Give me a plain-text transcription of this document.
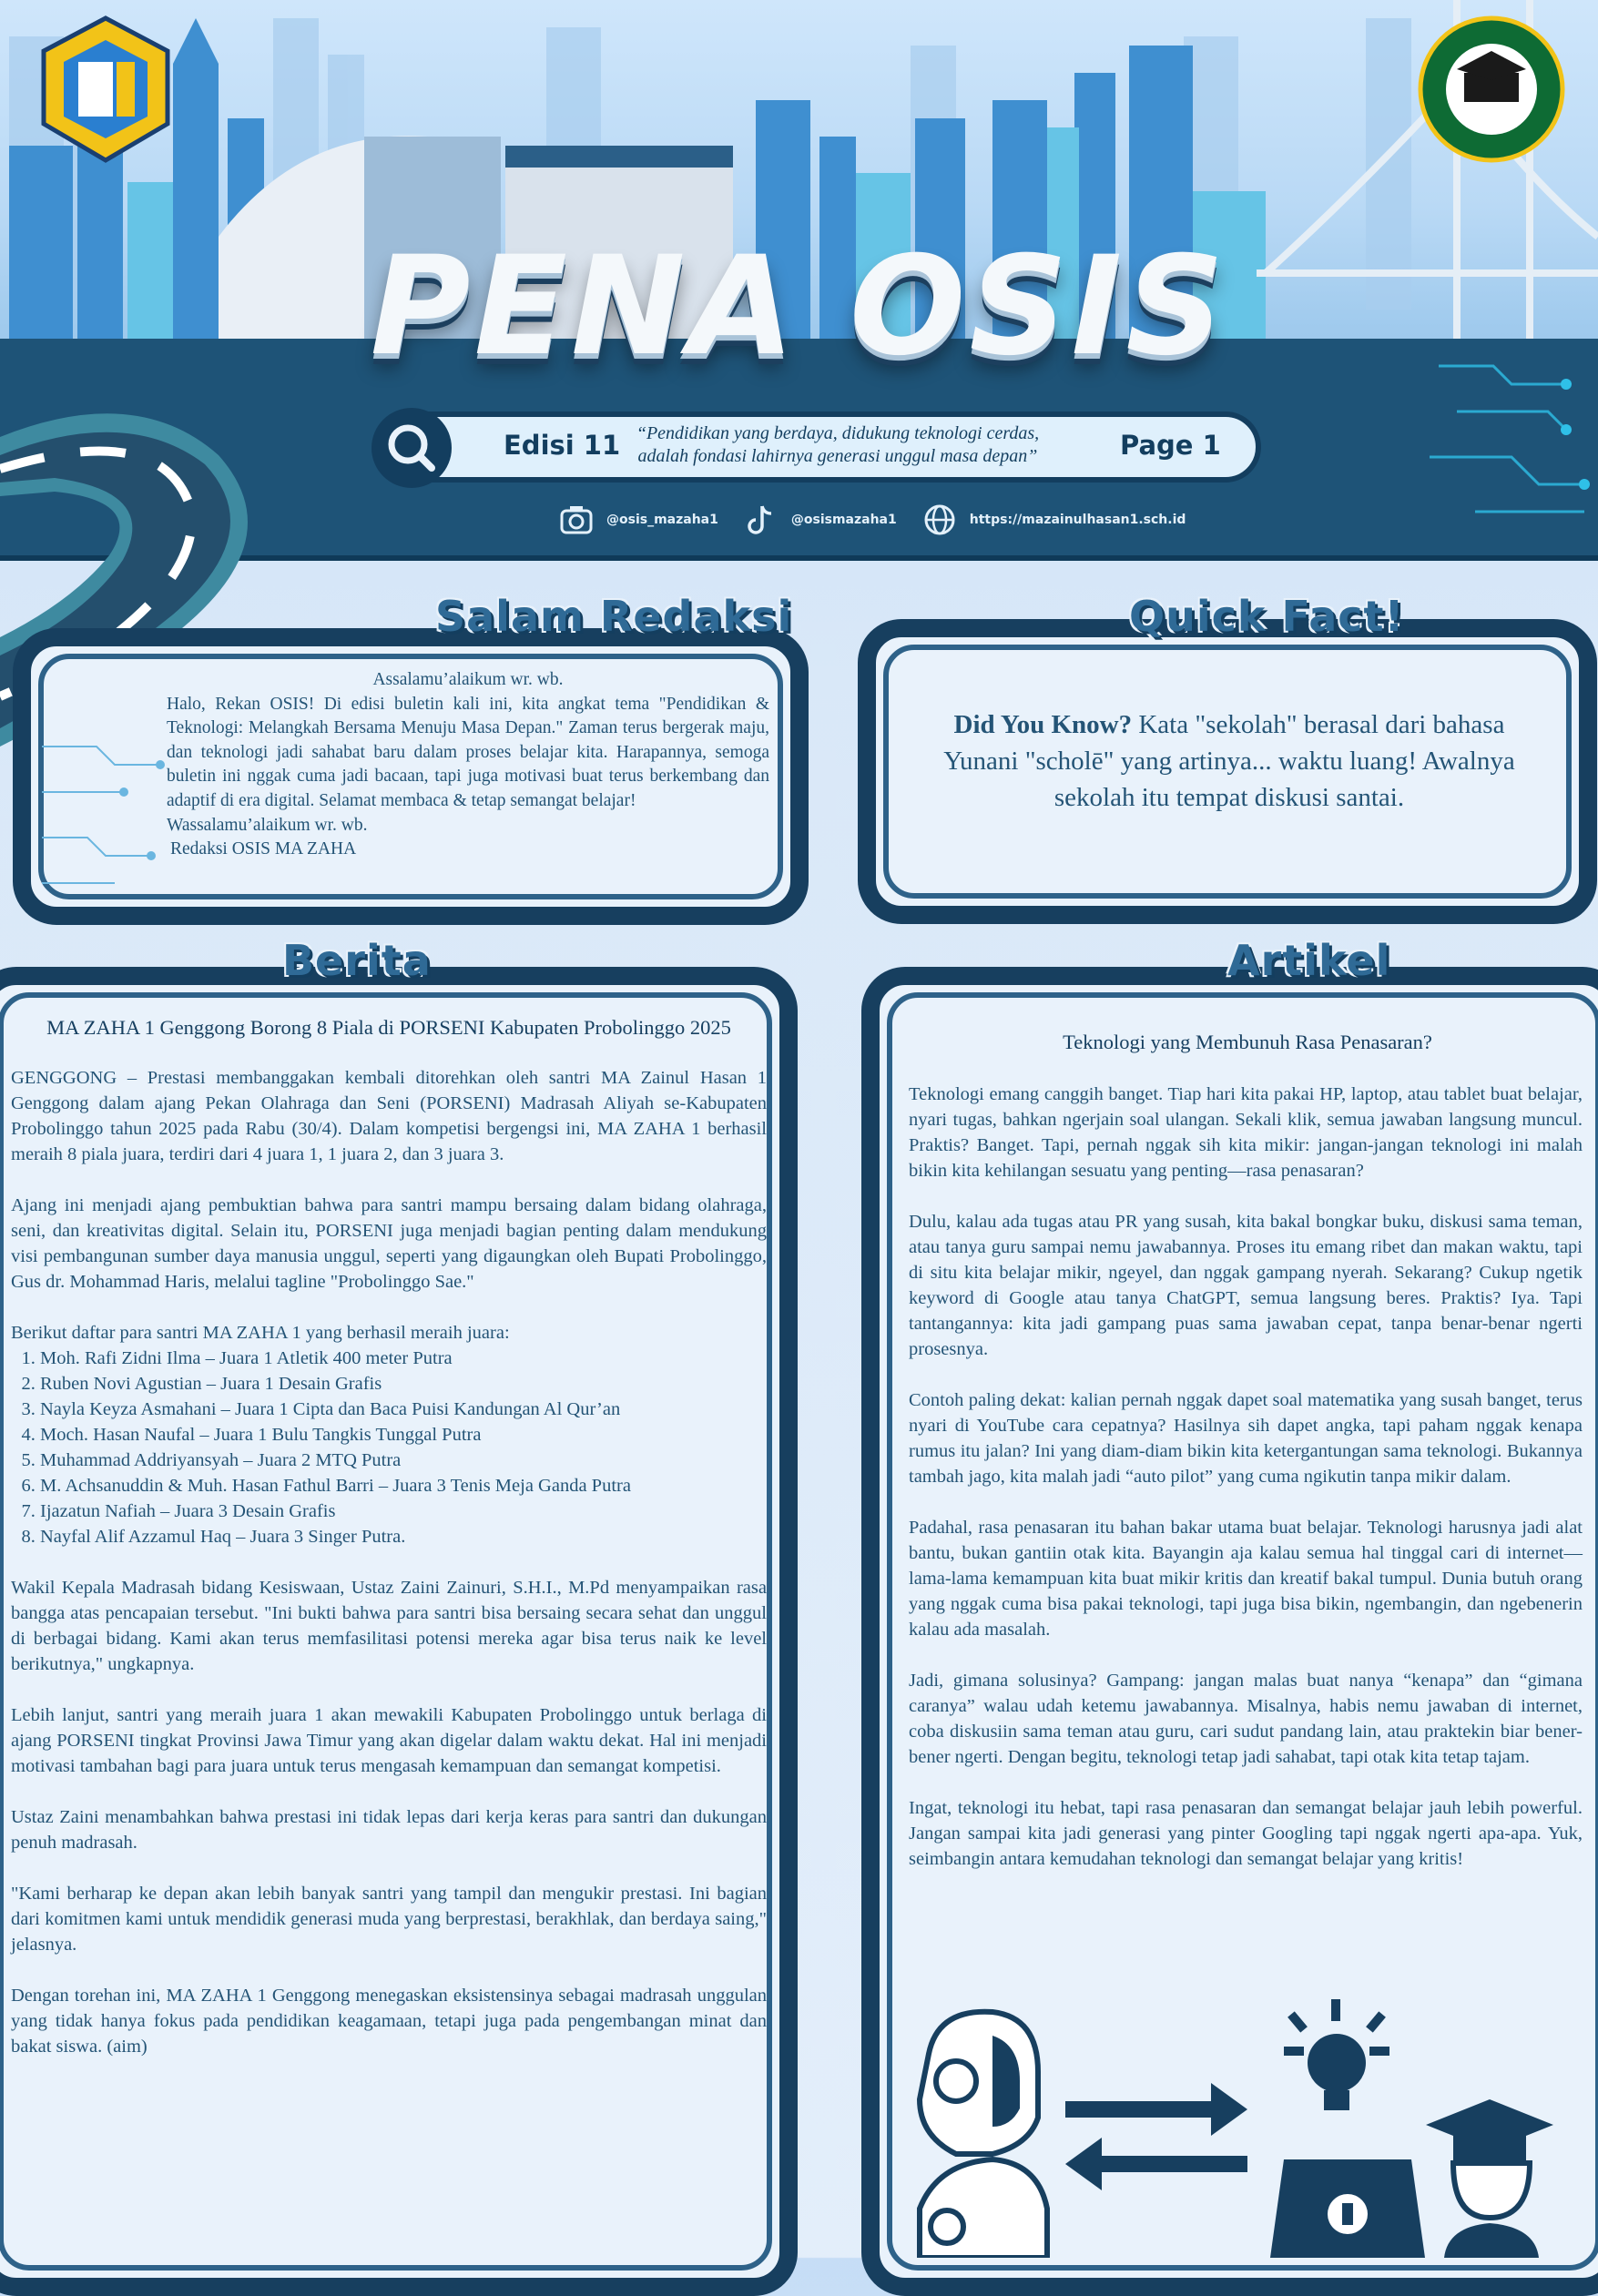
PENA OSIS
Edisi 11 “Pendidikan yang berdaya, didukung teknologi cerdas,
adalah fondasi lahirnya generasi unggul masa depan”	Page 1
@osis_mazaha1	@osismazaha1	https://mazainulhasan1.sch.id
Salam Redaksi
Assalamu’alaikum wr. wb.
Halo, Rekan OSIS! Di edisi buletin kali ini, kita angkat tema "Pendidikan & Teknologi: Melangkah Bersama Menuju Masa Depan." Zaman terus bergerak maju, dan teknologi jadi sahabat baru dalam proses belajar kita. Harapannya, semoga buletin ini nggak cuma jadi bacaan, tapi juga motivasi buat terus berkembang dan adaptif di era digital. Selamat membaca & tetap semangat belajar!
Wassalamu’alaikum wr. wb.
Redaksi OSIS MA ZAHA
Quick Fact!
Did You Know? Kata "sekolah" berasal dari bahasa Yunani "scholē" yang artinya... waktu luang! Awalnya sekolah itu tempat diskusi santai.
Berita
MA ZAHA 1 Genggong Borong 8 Piala di PORSENI Kabupaten Probolinggo 2025

GENGGONG – Prestasi membanggakan kembali ditorehkan oleh santri MA Zainul Hasan 1 Genggong dalam ajang Pekan Olahraga dan Seni (PORSENI) Madrasah Aliyah se-Kabupaten Probolinggo tahun 2025 pada Rabu (30/4). Dalam kompetisi bergengsi ini, MA ZAHA 1 berhasil meraih 8 piala juara, terdiri dari 4 juara 1, 1 juara 2, dan 3 juara 3.

Ajang ini menjadi ajang pembuktian bahwa para santri mampu bersaing dalam bidang olahraga, seni, dan kreativitas digital. Selain itu, PORSENI juga menjadi bagian penting dalam mendukung visi pembangunan sumber daya manusia unggul, seperti yang digaungkan oleh Bupati Probolinggo, Gus dr. Mohammad Haris, melalui tagline "Probolinggo Sae."

Berikut daftar para santri MA ZAHA 1 yang berhasil meraih juara:
1. Moh. Rafi Zidni Ilma – Juara 1 Atletik 400 meter Putra
2. Ruben Novi Agustian – Juara 1 Desain Grafis
3. Nayla Keyza Asmahani – Juara 1 Cipta dan Baca Puisi Kandungan Al Qur’an
4. Moch. Hasan Naufal – Juara 1 Bulu Tangkis Tunggal Putra
5. Muhammad Addriyansyah – Juara 2 MTQ Putra
6. M. Achsanuddin & Muh. Hasan Fathul Barri – Juara 3 Tenis Meja Ganda Putra
7. Ijazatun Nafiah – Juara 3 Desain Grafis
8. Nayfal Alif Azzamul Haq – Juara 3 Singer Putra.

Wakil Kepala Madrasah bidang Kesiswaan, Ustaz Zaini Zainuri, S.H.I., M.Pd menyampaikan rasa bangga atas pencapaian tersebut. "Ini bukti bahwa para santri bisa bersaing secara sehat dan unggul di berbagai bidang. Kami akan terus memfasilitasi potensi mereka agar bisa terus naik ke level berikutnya," ungkapnya.

Lebih lanjut, santri yang meraih juara 1 akan mewakili Kabupaten Probolinggo untuk berlaga di ajang PORSENI tingkat Provinsi Jawa Timur yang akan digelar dalam waktu dekat. Hal ini menjadi motivasi tambahan bagi para juara untuk terus mengasah kemampuan dan semangat kompetisi.

Ustaz Zaini menambahkan bahwa prestasi ini tidak lepas dari kerja keras para santri dan dukungan penuh madrasah.

"Kami berharap ke depan akan lebih banyak santri yang tampil dan mengukir prestasi. Ini bagian dari komitmen kami untuk mendidik generasi muda yang berprestasi, berakhlak, dan berdaya saing," jelasnya.

Dengan torehan ini, MA ZAHA 1 Genggong menegaskan eksistensinya sebagai madrasah unggulan yang tidak hanya fokus pada pendidikan keagamaan, tetapi juga pada pengembangan minat dan bakat siswa. (aim)

Artikel
Teknologi yang Membunuh Rasa Penasaran?

Teknologi emang canggih banget. Tiap hari kita pakai HP, laptop, atau tablet buat belajar, nyari tugas, bahkan ngerjain soal ulangan. Sekali klik, semua jawaban langsung muncul. Praktis? Banget. Tapi, pernah nggak sih kita mikir: jangan-jangan teknologi ini malah bikin kita kehilangan sesuatu yang penting—rasa penasaran?

Dulu, kalau ada tugas atau PR yang susah, kita bakal bongkar buku, diskusi sama teman, atau tanya guru sampai nemu jawabannya. Proses itu emang ribet dan makan waktu, tapi di situ kita belajar mikir, ngeyel, dan nggak gampang nyerah. Sekarang? Cukup ngetik keyword di Google atau tanya ChatGPT, semua langsung beres. Praktis? Iya. Tapi tantangannya: kita jadi gampang puas sama jawaban cepat, tanpa benar-benar ngerti prosesnya.

Contoh paling dekat: kalian pernah nggak dapet soal matematika yang susah banget, terus nyari di YouTube cara cepatnya? Hasilnya sih dapet angka, tapi paham nggak kenapa rumus itu jalan? Ini yang diam-diam bikin kita ketergantungan sama teknologi. Bukannya tambah jago, kita malah jadi “auto pilot” yang cuma ngikutin tanpa mikir dalam.

Padahal, rasa penasaran itu bahan bakar utama buat belajar. Teknologi harusnya jadi alat bantu, bukan gantiin otak kita. Bayangin aja kalau semua hal tinggal cari di internet—lama-lama kemampuan kita buat mikir kritis dan kreatif bakal tumpul. Dunia butuh orang yang nggak cuma bisa pakai teknologi, tapi juga bisa bikin, ngembangin, dan ngebenerin kalau ada masalah.

Jadi, gimana solusinya? Gampang: jangan malas buat nanya “kenapa” dan “gimana caranya” walau udah ketemu jawabannya. Misalnya, habis nemu jawaban di internet, coba diskusiin sama teman atau guru, cari sudut pandang lain, atau praktekin biar bener-bener ngerti. Dengan begitu, teknologi tetap jadi sahabat, tapi otak kita tetap tajam.

Ingat, teknologi itu hebat, tapi rasa penasaran dan semangat belajar jauh lebih powerful. Jangan sampai kita jadi generasi yang pinter Googling tapi nggak ngerti apa-apa. Yuk, seimbangin antara kemudahan teknologi dan semangat belajar yang kritis!
